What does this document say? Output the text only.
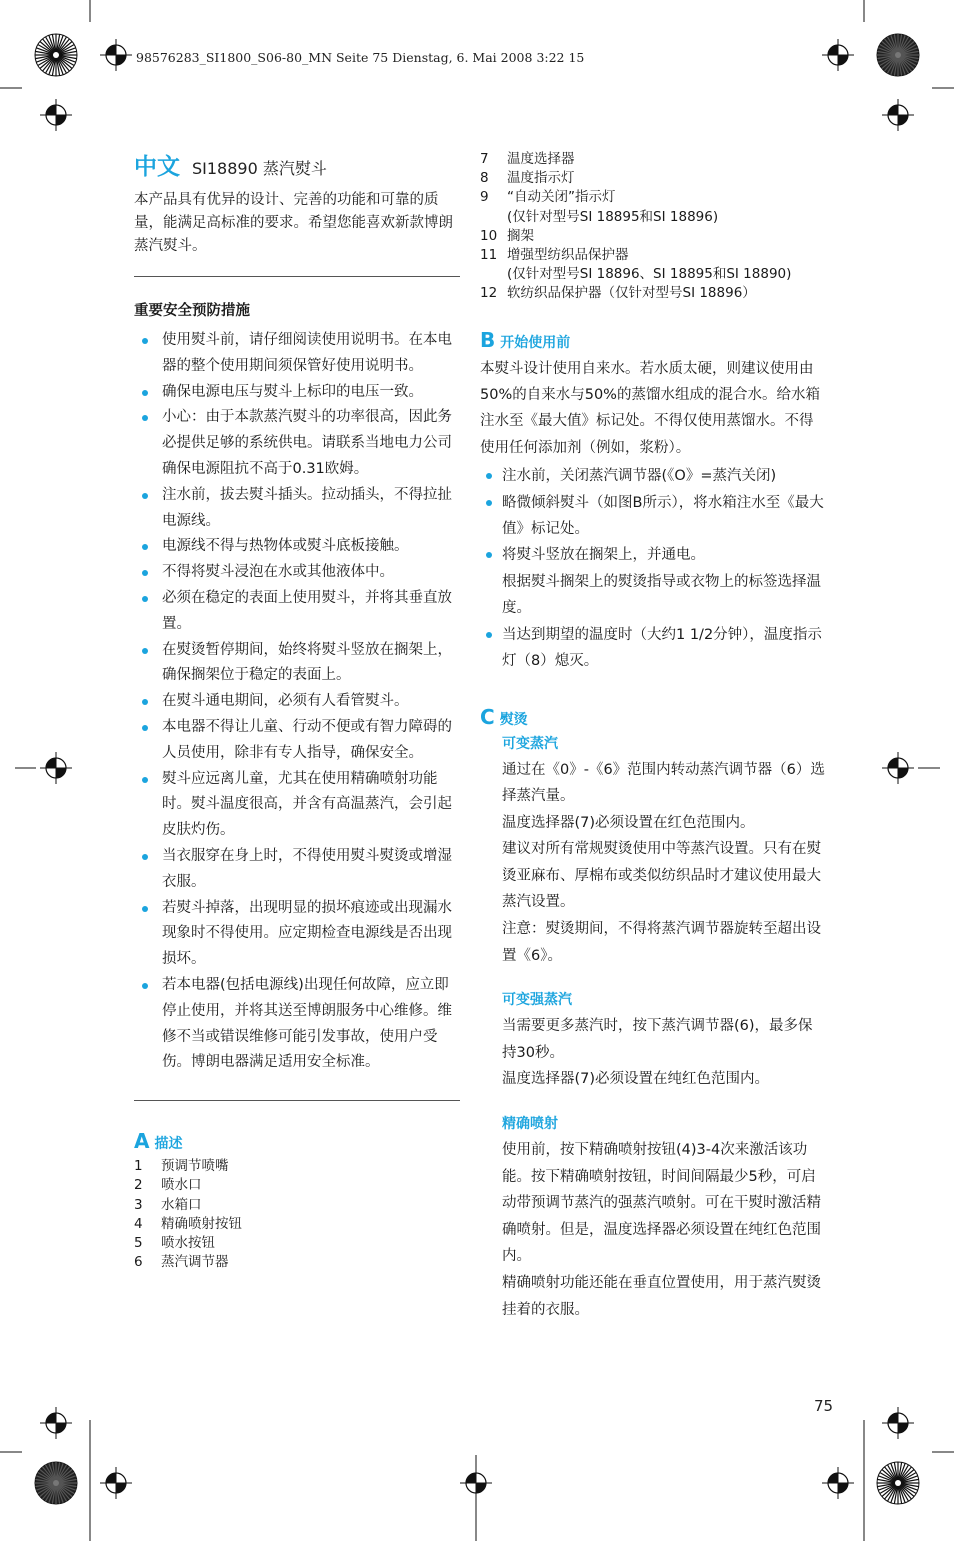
98576283_SI1800_S06-80_MN Seite 75 Dienstag, 6. Mai 2008 3:22 15
中文 SI18890 蒸汽熨斗

本产品具有优异的设计、完善的功能和可靠的质量，能满足高标准的要求。希望您能喜欢新款博朗蒸汽熨斗。

重要安全预防措施
使用熨斗前，请仔细阅读使用说明书。在本电器的整个使用期间须保管好使用说明书。
确保电源电压与熨斗上标印的电压一致。
小心：由于本款蒸汽熨斗的功率很高，因此务必提供足够的系统供电。请联系当地电力公司确保电源阻抗不高于0.31欧姆。
注水前，拔去熨斗插头。拉动插头，不得拉扯电源线。
电源线不得与热物体或熨斗底板接触。
不得将熨斗浸泡在水或其他液体中。
必须在稳定的表面上使用熨斗，并将其垂直放置。
在熨烫暂停期间，始终将熨斗竖放在搁架上，确保搁架位于稳定的表面上。
在熨斗通电期间，必须有人看管熨斗。
本电器不得让儿童、行动不便或有智力障碍的人员使用，除非有专人指导，确保安全。
熨斗应远离儿童，尤其在使用精确喷射功能时。熨斗温度很高，并含有高温蒸汽，会引起皮肤灼伤。
当衣服穿在身上时，不得使用熨斗熨烫或增湿衣服。
若熨斗掉落，出现明显的损坏痕迹或出现漏水现象时不得使用。应定期检查电源线是否出现损坏。
若本电器(包括电源线)出现任何故障，应立即停止使用，并将其送至博朗服务中心维修。维修不当或错误维修可能引发事故，使用户受伤。博朗电器满足适用安全标准。
A 描述
1	预调节喷嘴
2	喷水口
3	水箱口
4	精确喷射按钮
5	喷水按钮
6	蒸汽调节器
7	温度选择器
8	温度指示灯
9	“自动关闭”指示灯
(仅针对型号SI 18895和SI 18896)
10 搁架
11 增强型纺织品保护器
(仅针对型号SI 18896、SI 18895和SI 18890)
12 软纺织品保护器（仅针对型号SI 18896）
B 开始使用前

本熨斗设计使用自来水。若水质太硬，则建议使用由50%的自来水与50%的蒸馏水组成的混合水。给水箱注水至《最大值》标记处。不得仅使用蒸馏水。不得使用任何添加剂（例如，浆粉）。

注水前，关闭蒸汽调节器(《O》=蒸汽关闭)
略微倾斜熨斗（如图B所示），将水箱注水至《最大值》标记处。
将熨斗竖放在搁架上，并通电。
根据熨斗搁架上的熨烫指导或衣物上的标签选择温度。
当达到期望的温度时（大约1 1/2分钟），温度指示灯（8）熄灭。
C 熨烫
可变蒸汽

通过在《0》-《6》范围内转动蒸汽调节器（6）选择蒸汽量。

温度选择器(7)必须设置在红色范围内。

建议对所有常规熨烫使用中等蒸汽设置。只有在熨烫亚麻布、厚棉布或类似纺织品时才建议使用最大蒸汽设置。

注意：熨烫期间，不得将蒸汽调节器旋转至超出设置《6》。

可变强蒸汽

当需要更多蒸汽时，按下蒸汽调节器(6)，最多保持30秒。

温度选择器(7)必须设置在纯红色范围内。

精确喷射

使用前，按下精确喷射按钮(4)3-4次来激活该功能。按下精确喷射按钮，时间间隔最少5秒，可启动带预调节蒸汽的强蒸汽喷射。可在干熨时激活精确喷射。但是，温度选择器必须设置在纯红色范围内。

精确喷射功能还能在垂直位置使用，用于蒸汽熨烫挂着的衣服。

75
